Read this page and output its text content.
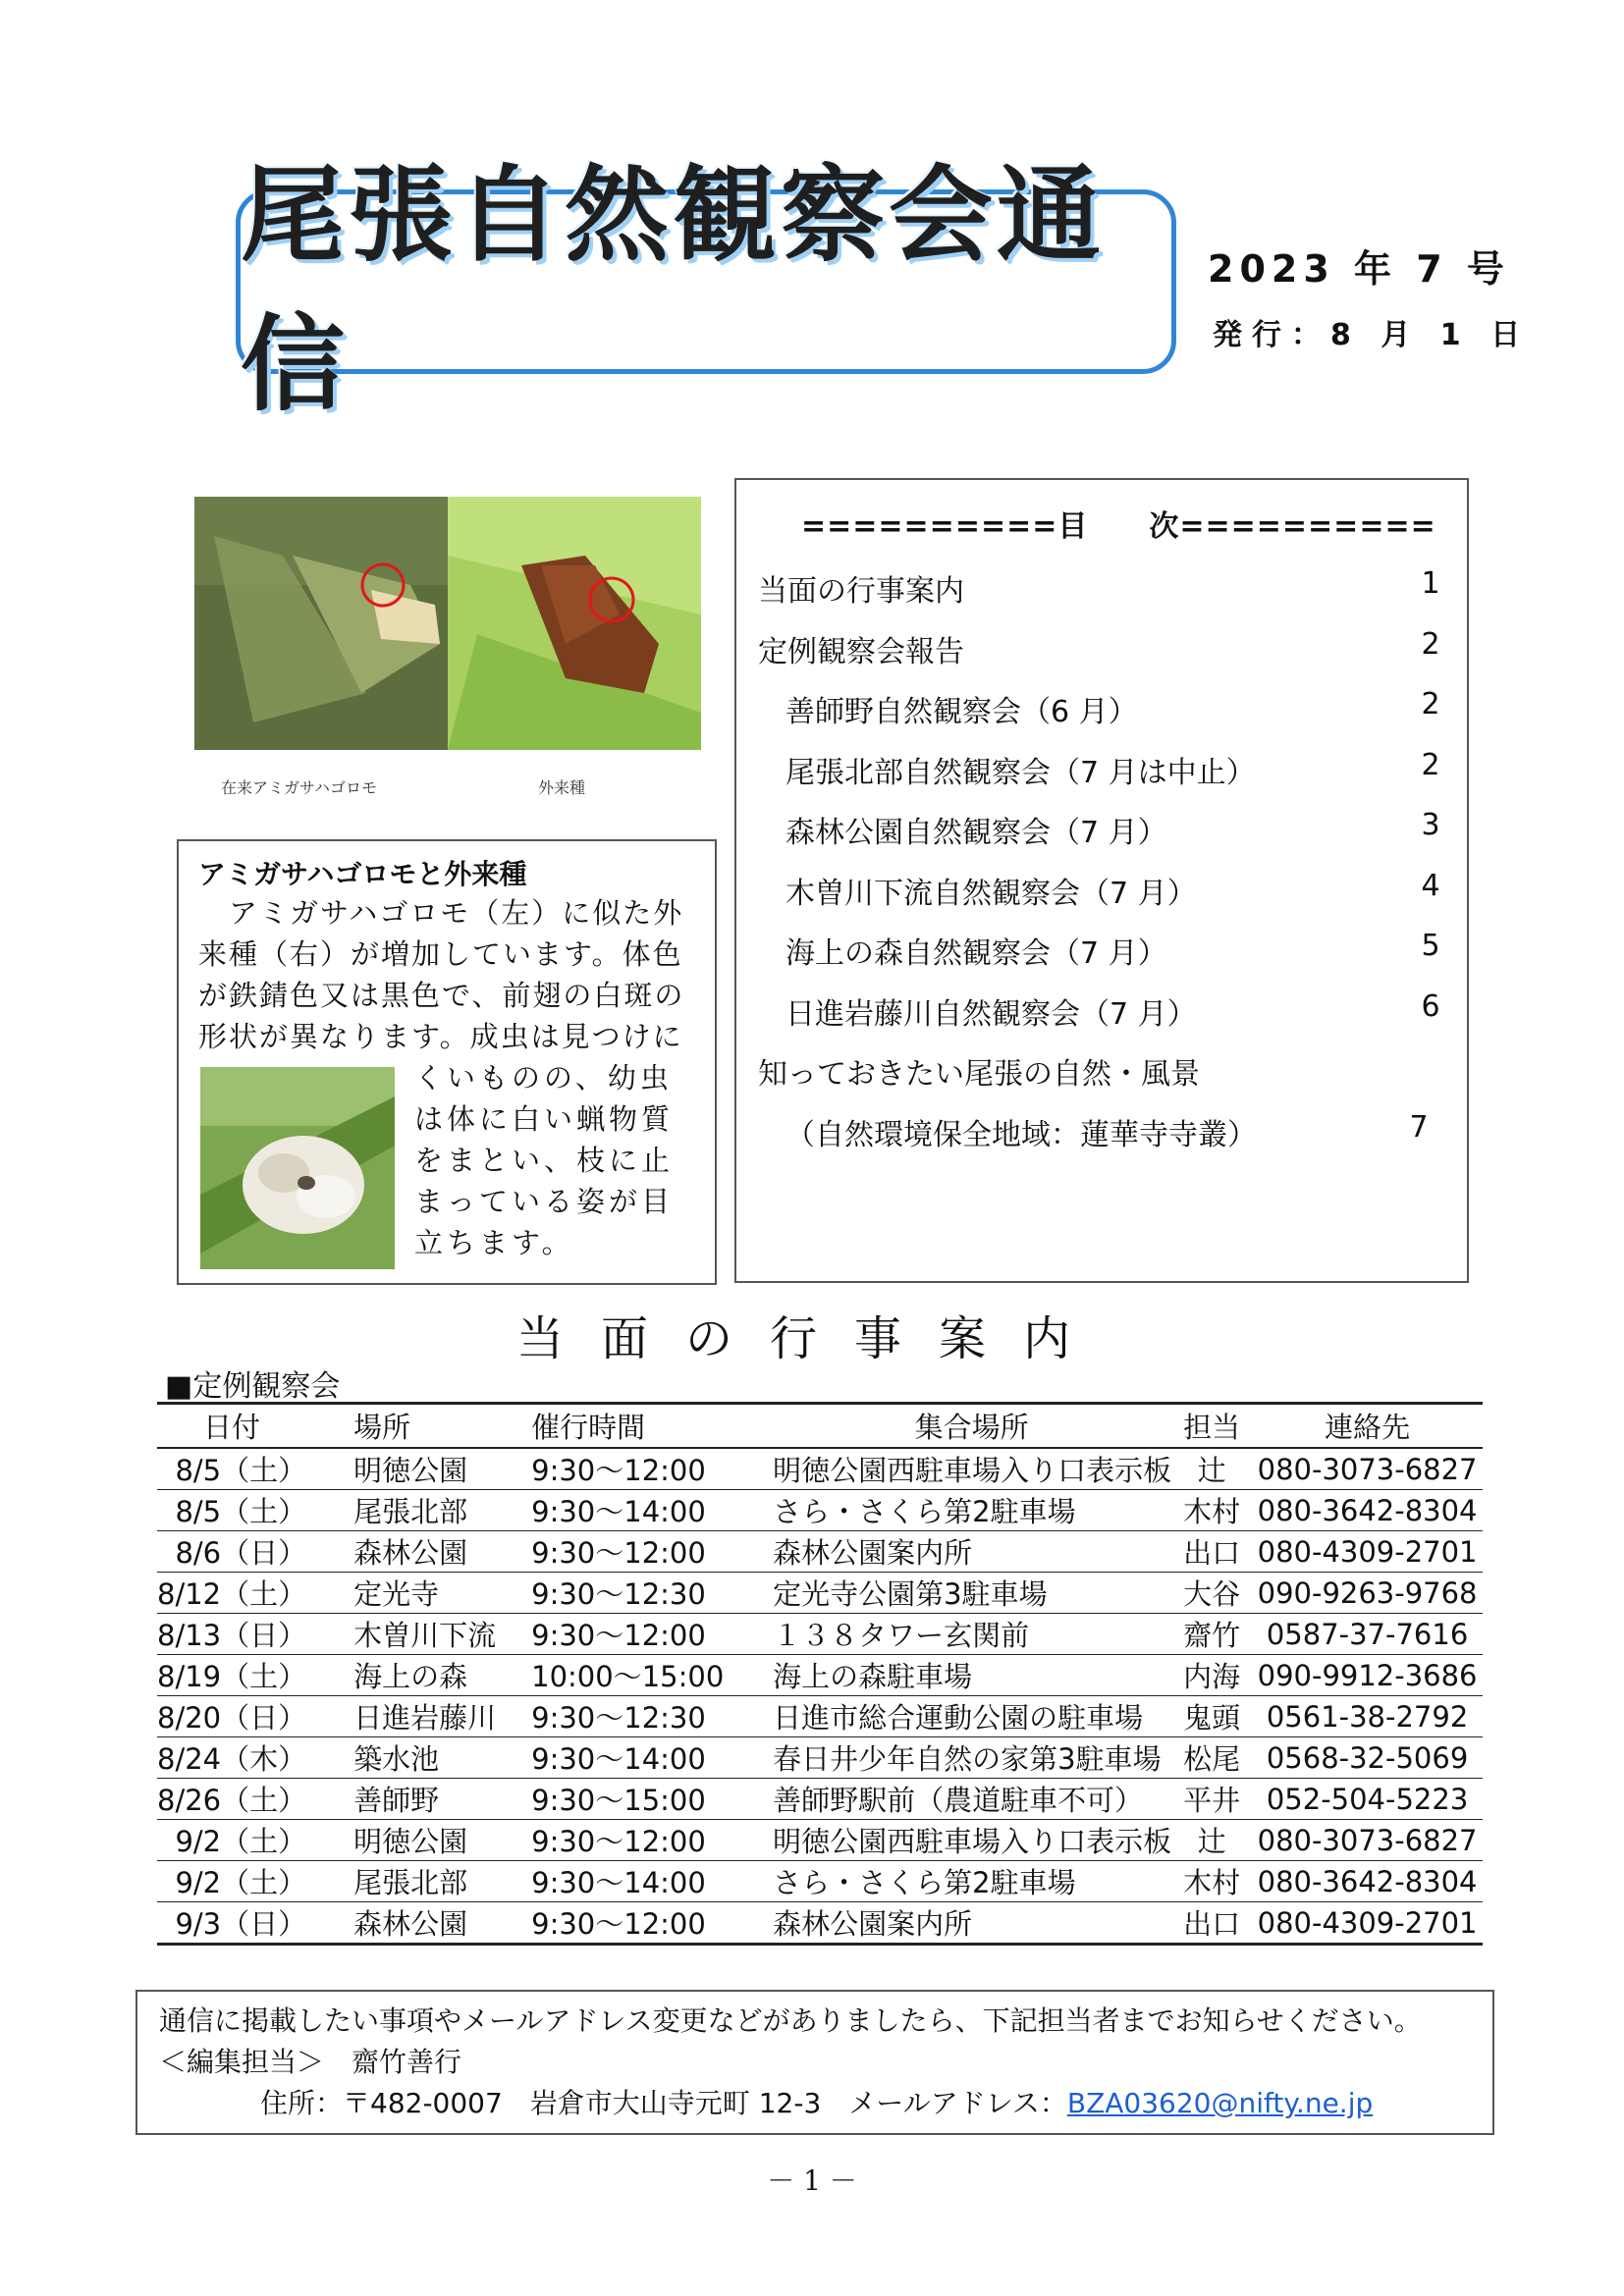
尾張自然観察会通信
2023 年 7 号
発行：8 月 1 日
在来アミガサハゴロモ	外来種
アミガサハゴロモと外来種
　アミガサハゴロモ（左）に似た外来種（右）が増加しています。体色が鉄錆色又は黒色で、前翅の白斑の形状が異なります。成虫は見つけに
くいものの、幼虫は体に白い蝋物質をまとい、枝に止まっている姿が目立ちます。
==========目　　次==========
当面の行事案内	1
定例観察会報告	2
善師野自然観察会（6 月）	2
尾張北部自然観察会（7 月は中止）	2
森林公園自然観察会（7 月）	3
木曽川下流自然観察会（7 月）	4
海上の森自然観察会（7 月）	5
日進岩藤川自然観察会（7 月）	6
知っておきたい尾張の自然・風景
（自然環境保全地域：蓮華寺寺叢）	7
当面の行事案内
■定例観察会
日付	場所	催行時間	集合場所	担当	連絡先
8/5（土）	明徳公園	9:30～12:00	明徳公園西駐車場入り口表示板	辻	080-3073-6827
8/5（土）	尾張北部	9:30～14:00	さら・さくら第2駐車場	木村	080-3642-8304
8/6（日）	森林公園	9:30～12:00	森林公園案内所	出口	080-4309-2701
8/12（土）	定光寺	9:30～12:30	定光寺公園第3駐車場	大谷	090-9263-9768
8/13（日）	木曽川下流	9:30～12:00	１３８タワー玄関前	齋竹	0587-37-7616
8/19（土）	海上の森	10:00～15:00	海上の森駐車場	内海	090-9912-3686
8/20（日）	日進岩藤川	9:30～12:30	日進市総合運動公園の駐車場	鬼頭	0561-38-2792
8/24（木）	築水池	9:30～14:00	春日井少年自然の家第3駐車場	松尾	0568-32-5069
8/26（土）	善師野	9:30～15:00	善師野駅前（農道駐車不可）	平井	052-504-5223
9/2（土）	明徳公園	9:30～12:00	明徳公園西駐車場入り口表示板	辻	080-3073-6827
9/2（土）	尾張北部	9:30～14:00	さら・さくら第2駐車場	木村	080-3642-8304
9/3（日）	森林公園	9:30～12:00	森林公園案内所	出口	080-4309-2701
通信に掲載したい事項やメールアドレス変更などがありましたら、下記担当者までお知らせください。
＜編集担当＞　齋竹善行
住所：〒482-0007　岩倉市大山寺元町 12-3　メールアドレス：BZA03620@nifty.ne.jp
－ 1 －
